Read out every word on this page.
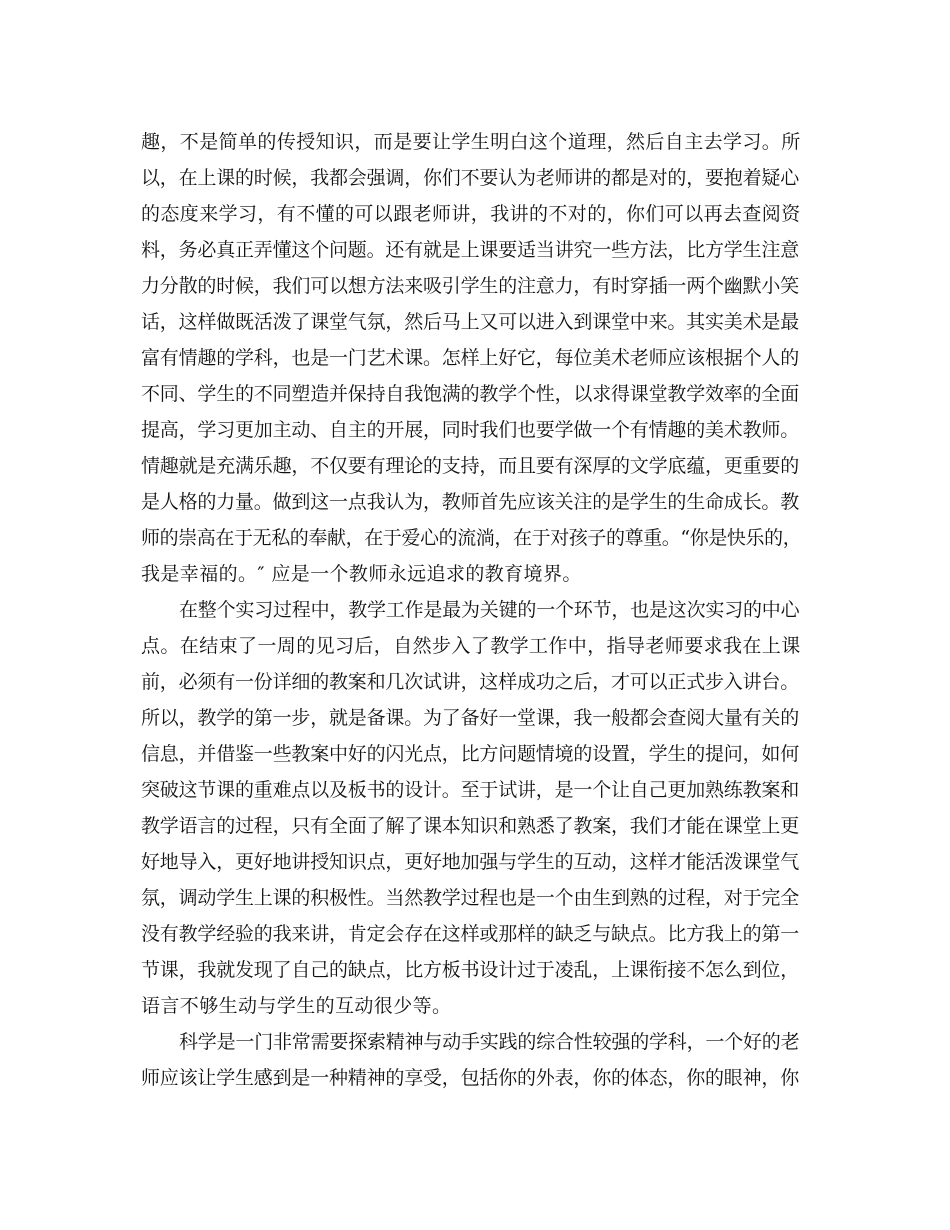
趣，不是简单的传授知识，而是要让学生明白这个道理，然后自主去学习。所
以，在上课的时候，我都会强调，你们不要认为老师讲的都是对的，要抱着疑心
的态度来学习，有不懂的可以跟老师讲，我讲的不对的，你们可以再去查阅资
料，务必真正弄懂这个问题。还有就是上课要适当讲究一些方法，比方学生注意
力分散的时候，我们可以想方法来吸引学生的注意力，有时穿插一两个幽默小笑
话，这样做既活泼了课堂气氛，然后马上又可以进入到课堂中来。其实美术是最
富有情趣的学科，也是一门艺术课。怎样上好它，每位美术老师应该根据个人的
不同、学生的不同塑造并保持自我饱满的教学个性，以求得课堂教学效率的全面
提高，学习更加主动、自主的开展，同时我们也要学做一个有情趣的美术教师。
情趣就是充满乐趣，不仅要有理论的支持，而且要有深厚的文学底蕴，更重要的
是人格的力量。做到这一点我认为，教师首先应该关注的是学生的生命成长。教
师的崇高在于无私的奉献，在于爱心的流淌，在于对孩子的尊重。“你是快乐的，
我是幸福的。″ 应是一个教师永远追求的教育境界。
在整个实习过程中，教学工作是最为关键的一个环节，也是这次实习的中心
点。在结束了一周的见习后，自然步入了教学工作中，指导老师要求我在上课
前，必须有一份详细的教案和几次试讲，这样成功之后，才可以正式步入讲台。
所以，教学的第一步，就是备课。为了备好一堂课，我一般都会查阅大量有关的
信息，并借鉴一些教案中好的闪光点，比方问题情境的设置，学生的提问，如何
突破这节课的重难点以及板书的设计。至于试讲，是一个让自己更加熟练教案和
教学语言的过程，只有全面了解了课本知识和熟悉了教案，我们才能在课堂上更
好地导入，更好地讲授知识点，更好地加强与学生的互动，这样才能活泼课堂气
氛，调动学生上课的积极性。当然教学过程也是一个由生到熟的过程，对于完全
没有教学经验的我来讲，肯定会存在这样或那样的缺乏与缺点。比方我上的第一
节课，我就发现了自己的缺点，比方板书设计过于凌乱，上课衔接不怎么到位，
语言不够生动与学生的互动很少等。
科学是一门非常需要探索精神与动手实践的综合性较强的学科，一个好的老
师应该让学生感到是一种精神的享受，包括你的外表，你的体态，你的眼神，你
